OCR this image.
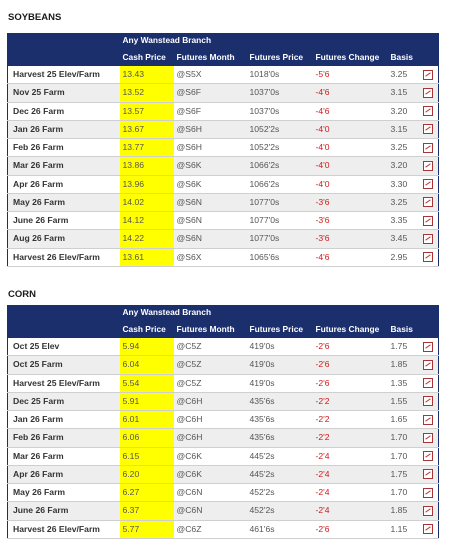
SOYBEANS
	Any Wanstead Branch					
	Cash Price	Futures Month	Futures Price	Futures Change	Basis	
Harvest 25 Elev/Farm	13.43	@S5X	1018'0s	-5'6	3.25	
Nov 25 Farm	13.52	@S6F	1037'0s	-4'6	3.15	
Dec 26 Farm	13.57	@S6F	1037'0s	-4'6	3.20	
Jan 26 Farm	13.67	@S6H	1052'2s	-4'0	3.15	
Feb 26 Farm	13.77	@S6H	1052'2s	-4'0	3.25	
Mar 26 Farm	13.86	@S6K	1066'2s	-4'0	3.20	
Apr 26 Farm	13.96	@S6K	1066'2s	-4'0	3.30	
May 26 Farm	14.02	@S6N	1077'0s	-3'6	3.25	
June 26 Farm	14.12	@S6N	1077'0s	-3'6	3.35	
Aug 26 Farm	14.22	@S6N	1077'0s	-3'6	3.45	
Harvest 26 Elev/Farm	13.61	@S6X	1065'6s	-4'6	2.95	
CORN
	Any Wanstead Branch					
	Cash Price	Futures Month	Futures Price	Futures Change	Basis	
Oct 25 Elev	5.94	@C5Z	419'0s	-2'6	1.75	
Oct 25 Farm	6.04	@C5Z	419'0s	-2'6	1.85	
Harvest 25 Elev/Farm	5.54	@C5Z	419'0s	-2'6	1.35	
Dec 25 Farm	5.91	@C6H	435'6s	-2'2	1.55	
Jan 26 Farm	6.01	@C6H	435'6s	-2'2	1.65	
Feb 26 Farm	6.06	@C6H	435'6s	-2'2	1.70	
Mar 26 Farm	6.15	@C6K	445'2s	-2'4	1.70	
Apr 26 Farm	6.20	@C6K	445'2s	-2'4	1.75	
May 26 Farm	6.27	@C6N	452'2s	-2'4	1.70	
June 26 Farm	6.37	@C6N	452'2s	-2'4	1.85	
Harvest 26 Elev/Farm	5.77	@C6Z	461'6s	-2'6	1.15	
